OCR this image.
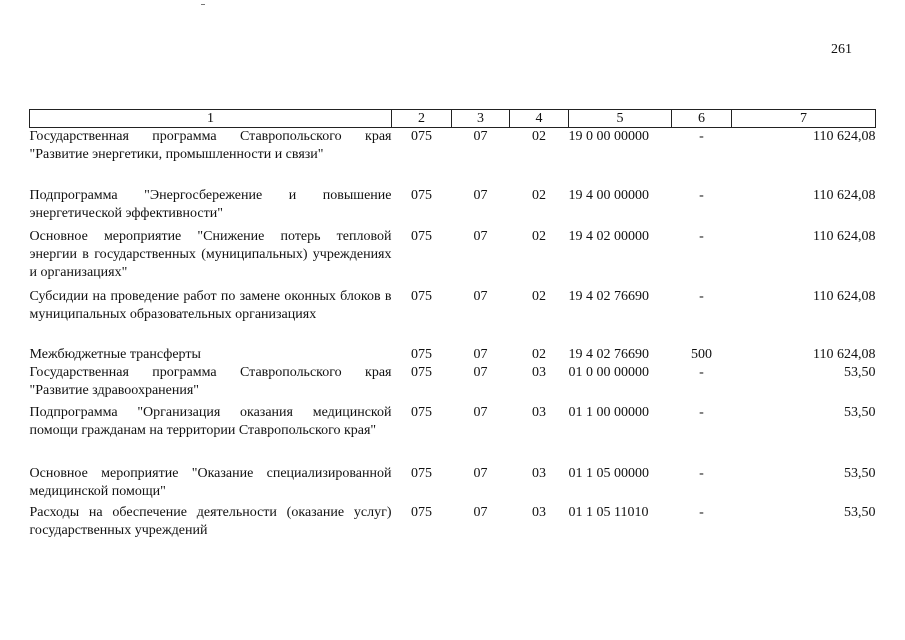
261
1	2	3	4	5	6	7
Государственная программа Ставропольского края "Развитие энергетики, промышленности и связи"	075	07	02	19 0 00 00000	-	110 624,08
Подпрограмма "Энергосбережение и повышение энергетической эффективности"	075	07	02	19 4 00 00000	-	110 624,08
Основное мероприятие "Снижение потерь тепловой энергии в государственных (муниципальных) учреждениях и организациях"	075	07	02	19 4 02 00000	-	110 624,08
Субсидии на проведение работ по замене оконных блоков в муниципальных образовательных организациях	075	07	02	19 4 02 76690	-	110 624,08
Межбюджетные трансферты	075	07	02	19 4 02 76690	500	110 624,08
Государственная программа Ставропольского края "Развитие здравоохранения"	075	07	03	01 0 00 00000	-	53,50
Подпрограмма "Организация оказания медицинской помощи гражданам на территории Ставропольского края"	075	07	03	01 1 00 00000	-	53,50
Основное мероприятие "Оказание специализированной медицинской помощи"	075	07	03	01 1 05 00000	-	53,50
Расходы на обеспечение деятельности (оказание услуг) государственных учреждений	075	07	03	01 1 05 11010	-	53,50
